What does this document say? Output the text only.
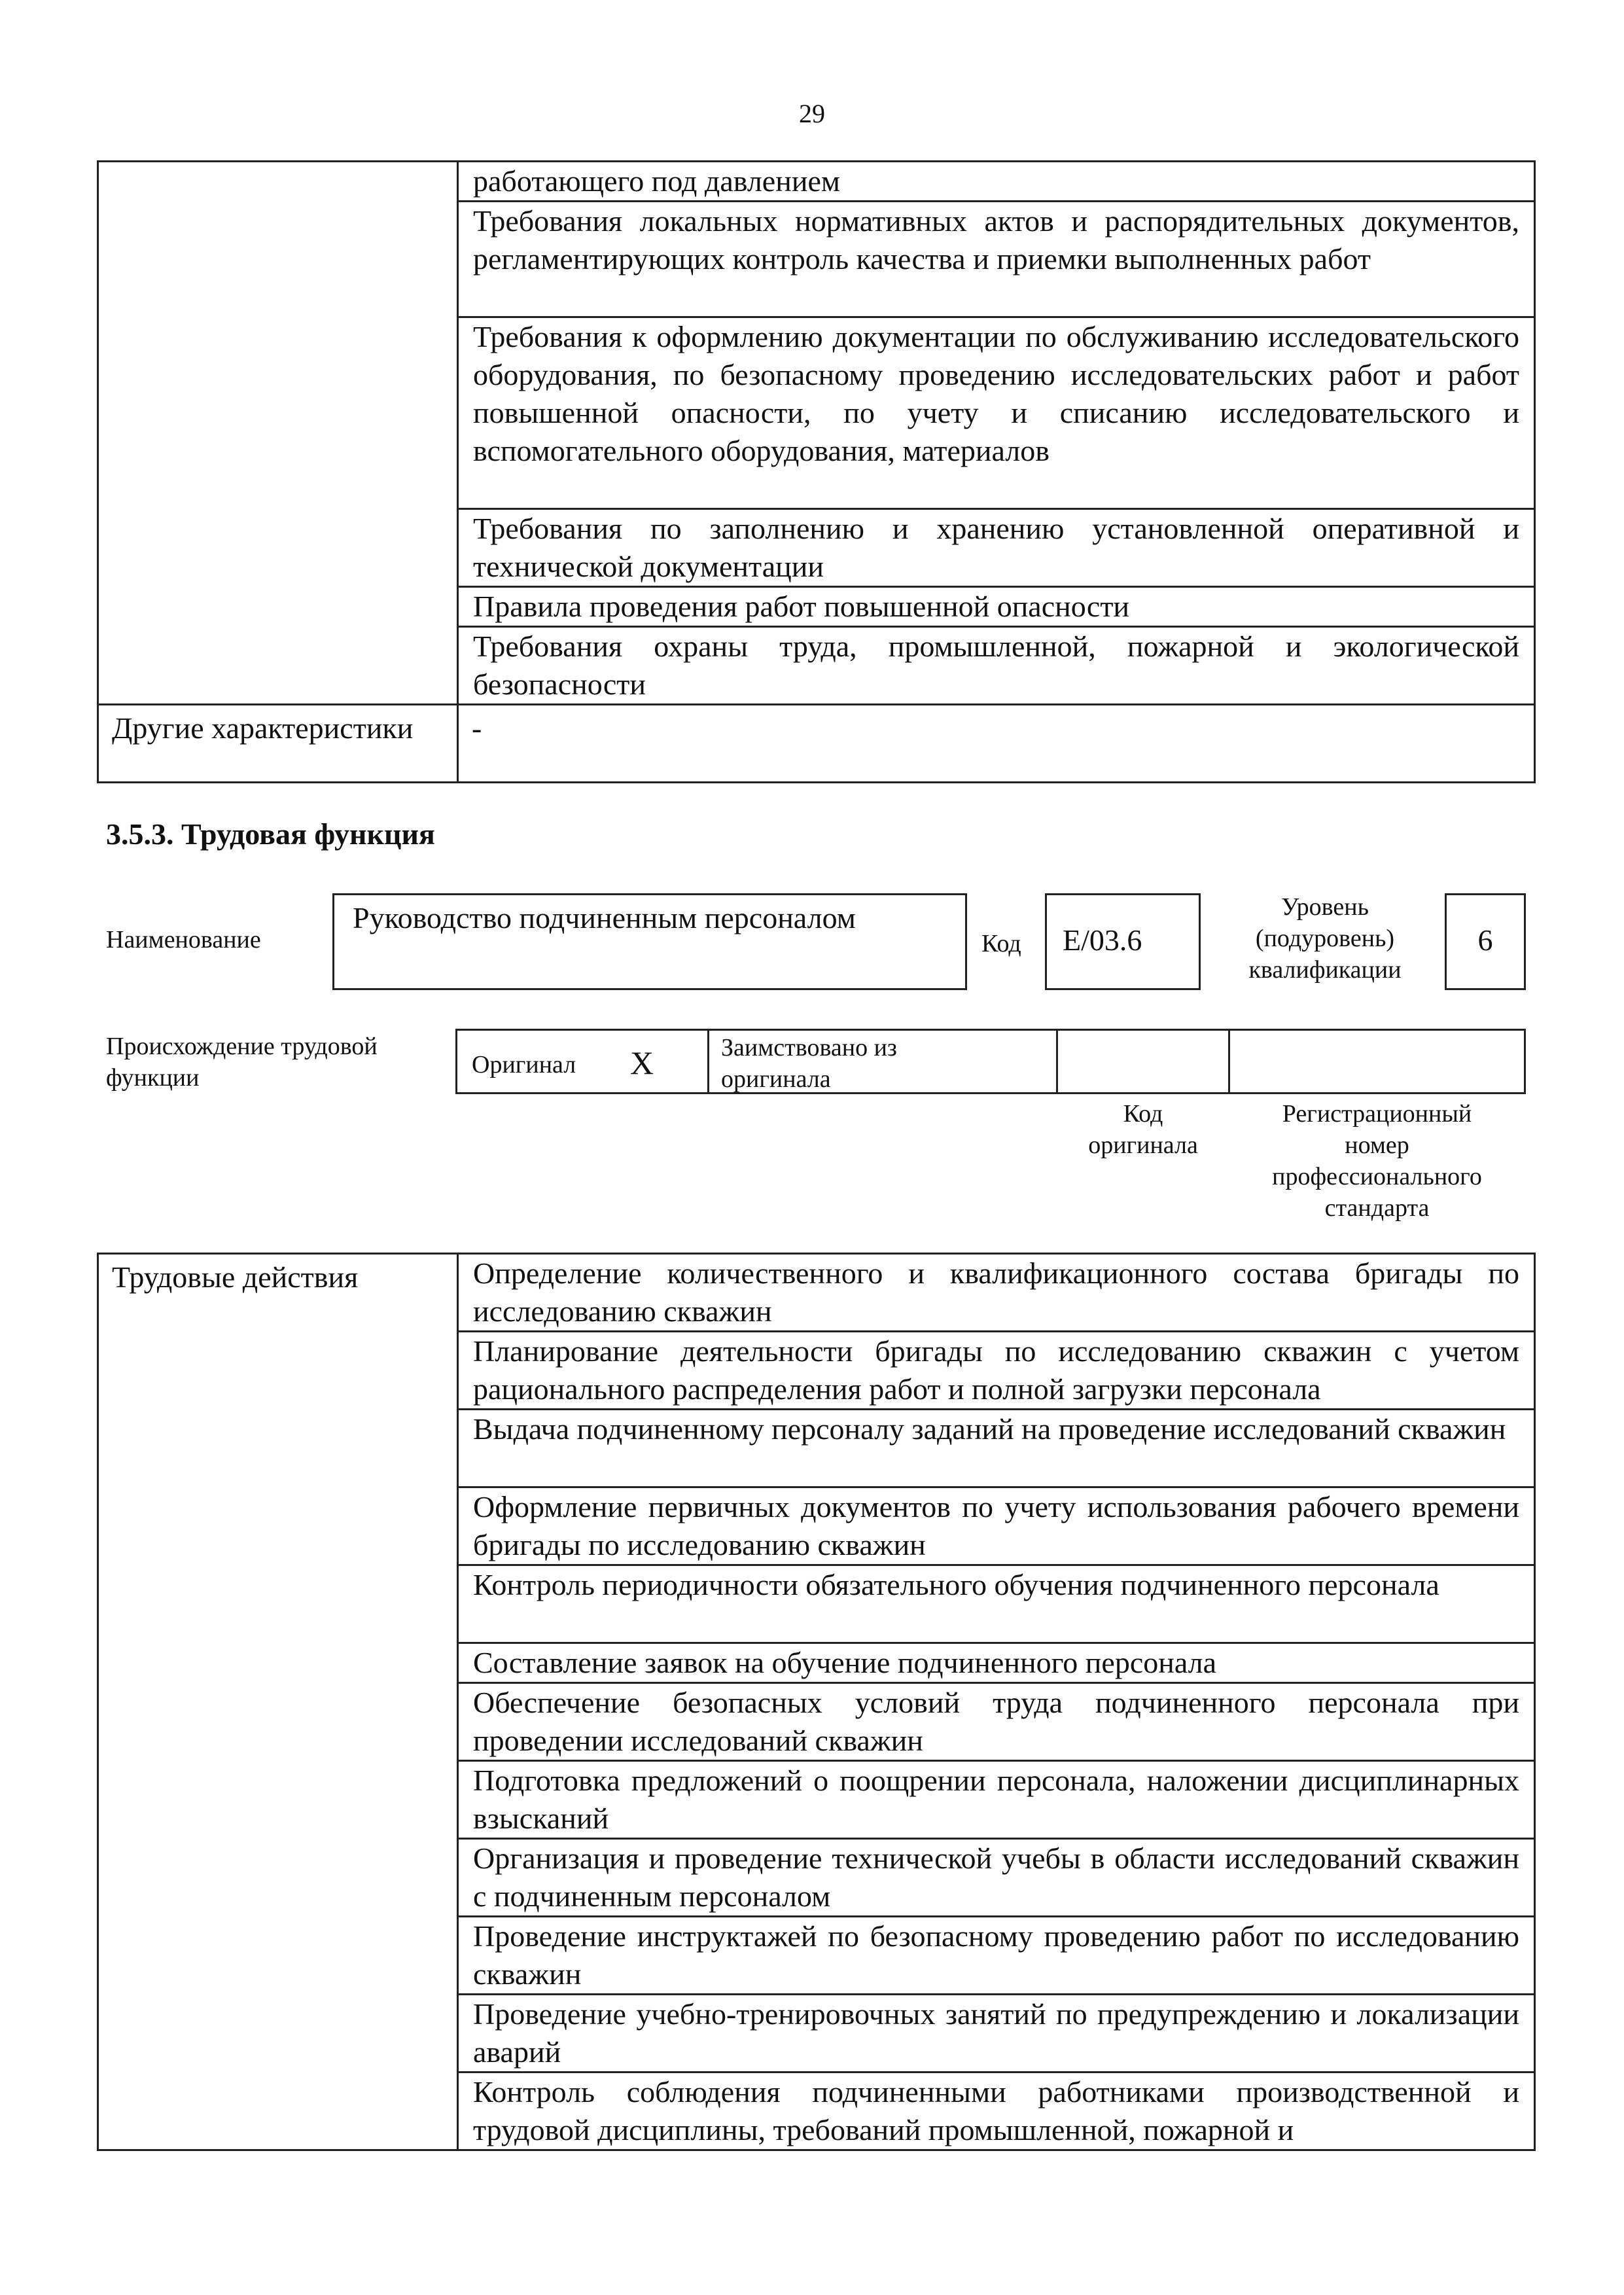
29
	работающего под давлением
	Требования локальных нормативных актов и распорядительных документов, регламентирующих контроль качества и приемки выполненных работ
	Требования к оформлению документации по обслуживанию исследовательского оборудования, по безопасному проведению исследовательских работ и работ повышенной опасности, по учету и списанию исследовательского и вспомогательного оборудования, материалов
	Требования по заполнению и хранению установленной оперативной и технической документации
	Правила проведения работ повышенной опасности
	Требования охраны труда, промышленной, пожарной и экологической безопасности
Другие характеристики	-
3.5.3. Трудовая функция
Наименование
Руководство подчиненным персоналом
Код E/03.6
Уровень
(подуровень)
квалификации
6
Происхождение трудовой
функции	Оригинал X	Заимствовано из
оригинала
Код
оригинала
Регистрационный
номер
профессионального
стандарта
Трудовые действия	Определение количественного и квалификационного состава бригады по исследованию скважин
Планирование деятельности бригады по исследованию скважин с учетом рационального распределения работ и полной загрузки персонала
Выдача подчиненному персоналу заданий на проведение исследований скважин
Оформление первичных документов по учету использования рабочего времени бригады по исследованию скважин
Контроль периодичности обязательного обучения подчиненного персонала
Составление заявок на обучение подчиненного персонала
Обеспечение безопасных условий труда подчиненного персонала при проведении исследований скважин
Подготовка предложений о поощрении персонала, наложении дисциплинарных взысканий
Организация и проведение технической учебы в области исследований скважин с подчиненным персоналом
Проведение инструктажей по безопасному проведению работ по исследованию скважин
Проведение учебно-тренировочных занятий по предупреждению и локализации аварий
Контроль соблюдения подчиненными работниками производственной и трудовой дисциплины, требований промышленной, пожарной и
